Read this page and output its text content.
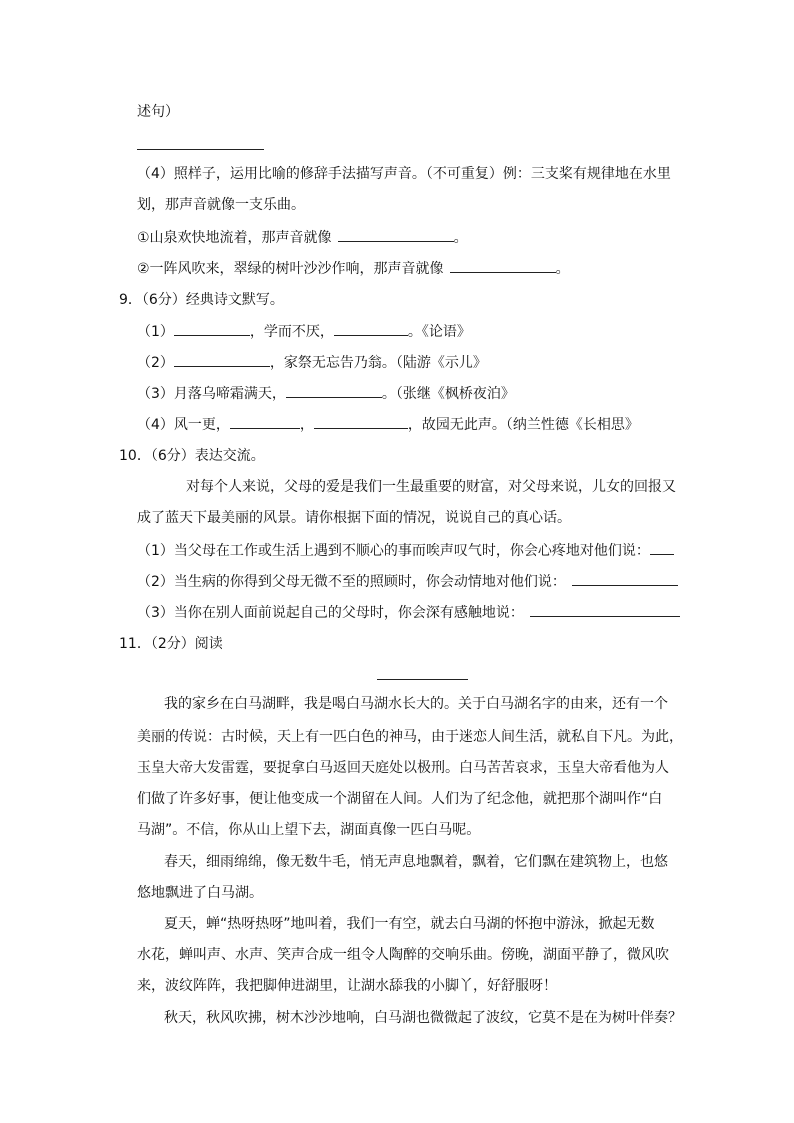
述句）
（4）照样子，运用比喻的修辞手法描写声音。（不可重复）例：三支桨有规律地在水里
划，那声音就像一支乐曲。
①山泉欢快地流着，那声音就像	。
②一阵风吹来，翠绿的树叶沙沙作响，那声音就像	。
9．（6分）经典诗文默写。
（1）	，学而不厌，	。《论语》
（2）	，家祭无忘告乃翁。（陆游《示儿》
（3）月落乌啼霜满天，	。（张继《枫桥夜泊》
（4）风一更，	，	，故园无此声。（纳兰性德《长相思》
10．（6分）表达交流。
对每个人来说，父母的爱是我们一生最重要的财富，对父母来说，儿女的回报又
成了蓝天下最美丽的风景。请你根据下面的情况，说说自己的真心话。
（1）当父母在工作或生活上遇到不顺心的事而唉声叹气时，你会心疼地对他们说：
（2）当生病的你得到父母无微不至的照顾时，你会动情地对他们说：
（3）当你在别人面前说起自己的父母时，你会深有感触地说：
11．（2分）阅读
我的家乡在白马湖畔，我是喝白马湖水长大的。关于白马湖名字的由来，还有一个
美丽的传说：古时候，天上有一匹白色的神马，由于迷恋人间生活，就私自下凡。为此，
玉皇大帝大发雷霆，要捉拿白马返回天庭处以极刑。白马苦苦哀求，玉皇大帝看他为人
们做了许多好事，便让他变成一个湖留在人间。人们为了纪念他，就把那个湖叫作“白
马湖”。不信，你从山上望下去，湖面真像一匹白马呢。
春天，细雨绵绵，像无数牛毛，悄无声息地飘着，飘着，它们飘在建筑物上，也悠
悠地飘进了白马湖。
夏天，蝉“热呀热呀”地叫着，我们一有空，就去白马湖的怀抱中游泳，掀起无数
水花，蝉叫声、水声、笑声合成一组令人陶醉的交响乐曲。傍晚，湖面平静了，微风吹
来，波纹阵阵，我把脚伸进湖里，让湖水舔我的小脚丫，好舒服呀！
秋天，秋风吹拂，树木沙沙地响，白马湖也微微起了波纹，它莫不是在为树叶伴奏？
